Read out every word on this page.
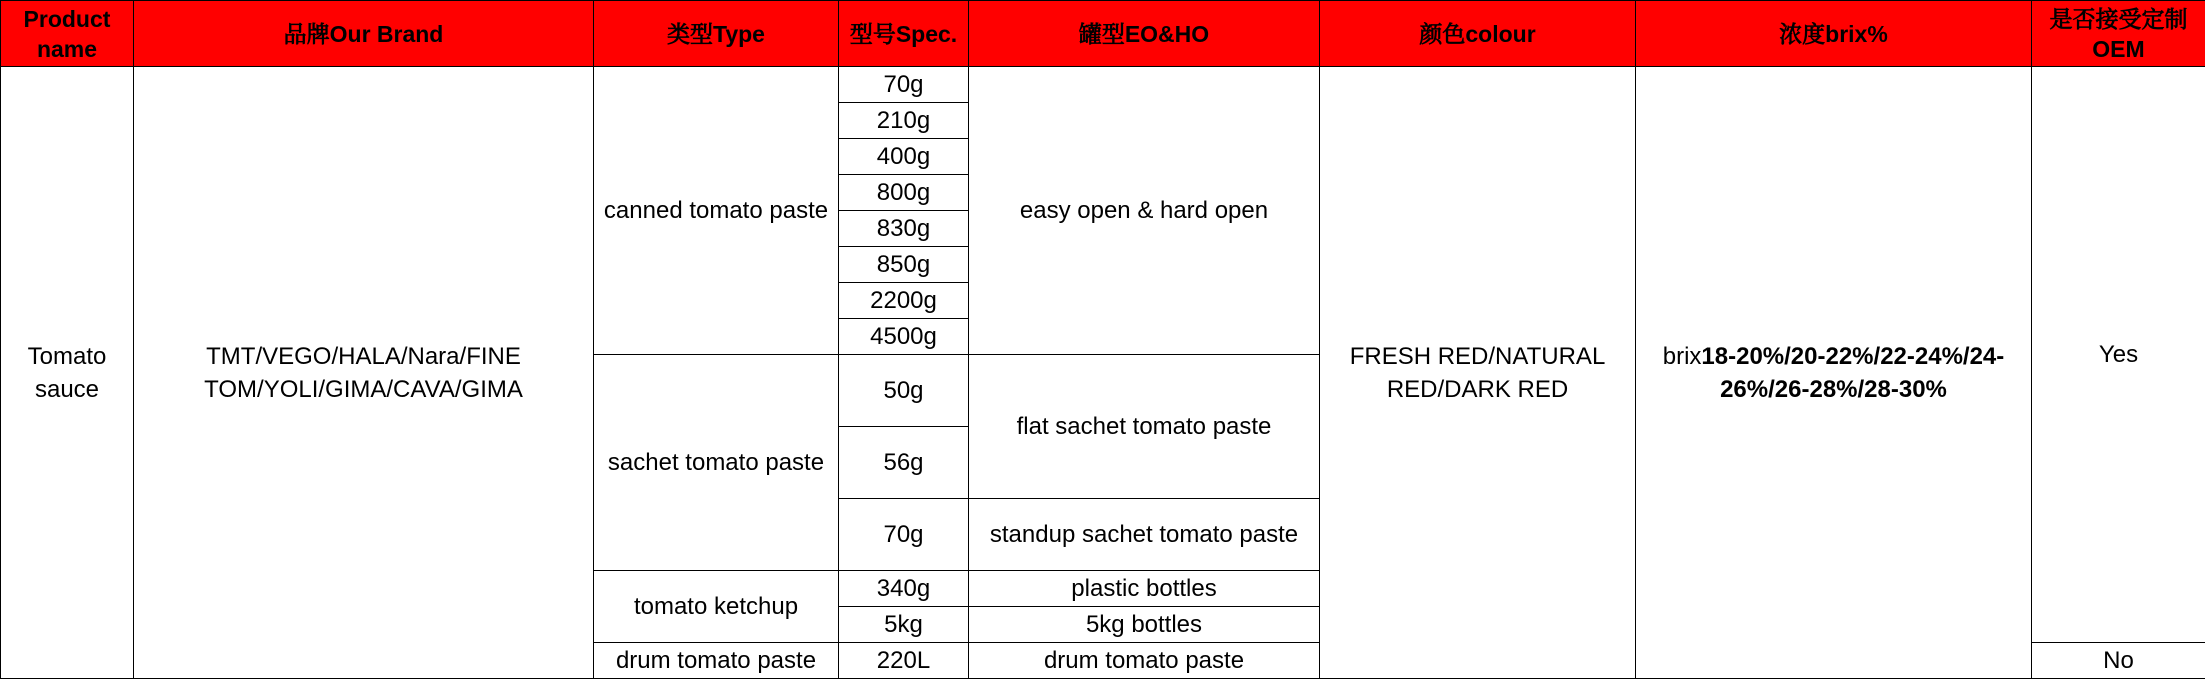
Product name	品牌Our Brand	类型Type	型号Spec.	罐型EO&HO	颜色colour	浓度brix%	是否接受定制OEM
Tomato sauce	TMT/VEGO/HALA/Nara/FINE TOM/YOLI/GIMA/CAVA/GIMA	canned tomato paste	70g	easy open & hard open	FRESH RED/NATURAL RED/DARK RED	brix18-20%/20-22%/22-24%/24-26%/26-28%/28-30%	Yes
			210g				
			400g				
			800g				
			830g				
			850g				
			2200g				
			4500g				
		sachet tomato paste	50g	flat sachet tomato paste			
			56g				
			70g	standup sachet tomato paste			
		tomato ketchup	340g	plastic bottles			
			5kg	5kg bottles			
		drum tomato paste	220L	drum tomato paste			No
